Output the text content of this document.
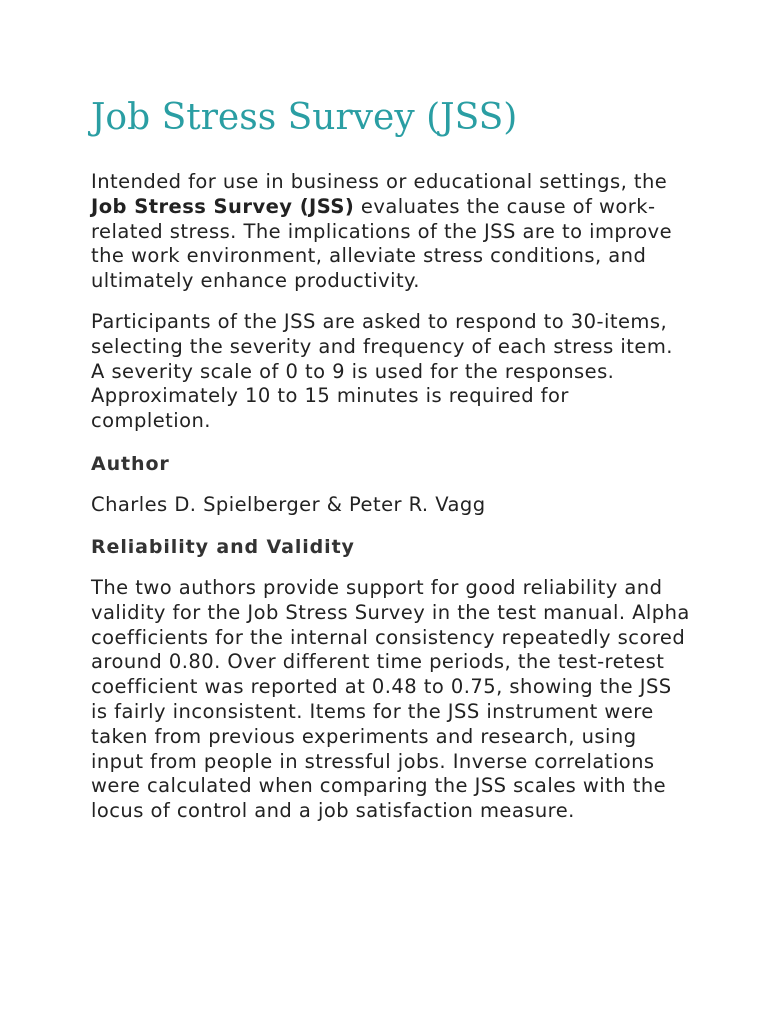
Job Stress Survey (JSS)

Intended for use in business or educational settings, the Job Stress Survey (JSS) evaluates the cause of work-related stress. The implications of the JSS are to improve the work environment, alleviate stress conditions, and ultimately enhance productivity.

Participants of the JSS are asked to respond to 30-items, selecting the severity and frequency of each stress item. A severity scale of 0 to 9 is used for the responses. Approximately 10 to 15 minutes is required for completion.

Author
Charles D. Spielberger & Peter R. Vagg
Reliability and Validity

The two authors provide support for good reliability and validity for the Job Stress Survey in the test manual. Alpha coefficients for the internal consistency repeatedly scored around 0.80. Over different time periods, the test-retest coefficient was reported at 0.48 to 0.75, showing the JSS is fairly inconsistent. Items for the JSS instrument were taken from previous experiments and research, using input from people in stressful jobs. Inverse correlations were calculated when comparing the JSS scales with the locus of control and a job satisfaction measure.
